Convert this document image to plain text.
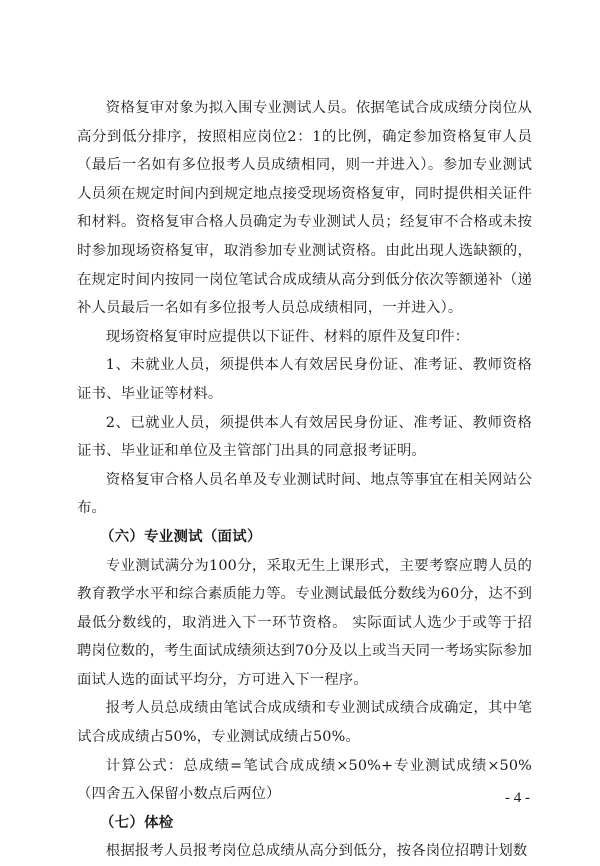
资格复审对象为拟入围专业测试人员。依据笔试合成成绩分岗位从高分到低分排序，按照相应岗位2：1的比例，确定参加资格复审人员（最后一名如有多位报考人员成绩相同，则一并进入）。参加专业测试人员须在规定时间内到规定地点接受现场资格复审，同时提供相关证件和材料。资格复审合格人员确定为专业测试人员；经复审不合格或未按时参加现场资格复审，取消参加专业测试资格。由此出现人选缺额的，在规定时间内按同一岗位笔试合成成绩从高分到低分依次等额递补（递补人员最后一名如有多位报考人员总成绩相同，一并进入）。

现场资格复审时应提供以下证件、材料的原件及复印件：

1、未就业人员，须提供本人有效居民身份证、准考证、教师资格证书、毕业证等材料。

2、已就业人员，须提供本人有效居民身份证、准考证、教师资格证书、毕业证和单位及主管部门出具的同意报考证明。

资格复审合格人员名单及专业测试时间、地点等事宜在相关网站公布。

（六）专业测试（面试）

专业测试满分为100分，采取无生上课形式，主要考察应聘人员的教育教学水平和综合素质能力等。专业测试最低分数线为60分，达不到最低分数线的，取消进入下一环节资格。 实际面试人选少于或等于招聘岗位数的，考生面试成绩须达到70分及以上或当天同一考场实际参加面试人选的面试平均分，方可进入下一程序。

报考人员总成绩由笔试合成成绩和专业测试成绩合成确定，其中笔试合成成绩占50%，专业测试成绩占50%。

计算公式：总成绩=笔试合成成绩×50%+专业测试成绩×50%（四舍五入保留小数点后两位）

（七）体检

根据报考人员报考岗位总成绩从高分到低分，按各岗位招聘计划数

- 4 -
